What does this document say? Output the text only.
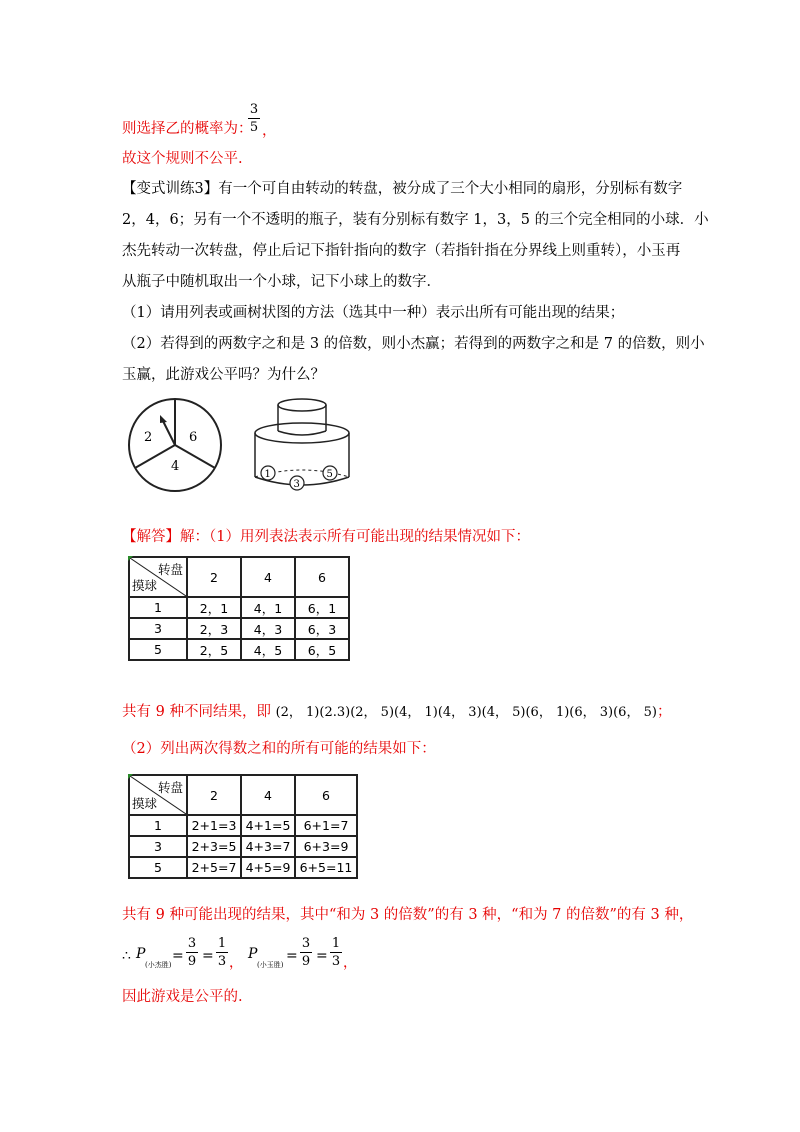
则选择乙的概率为：
3
5 ，
故这个规则不公平.
【变式训练3】有一个可自由转动的转盘，被分成了三个大小相同的扇形，分别标有数字
2，4，6；另有一个不透明的瓶子，装有分别标有数字 1，3，5 的三个完全相同的小球．小
杰先转动一次转盘，停止后记下指针指向的数字（若指针指在分界线上则重转），小玉再
从瓶子中随机取出一个小球，记下小球上的数字．
（1）请用列表或画树状图的方法（选其中一种）表示出所有可能出现的结果；
（2）若得到的两数字之和是 3 的倍数，则小杰赢；若得到的两数字之和是 7 的倍数，则小
玉赢，此游戏公平吗？为什么？
2	6
4
1
3
5
【解答】解：（1）用列表法表示所有可能出现的结果情况如下：
转盘
摸球	2	4	6
1	2，1	4，1	6，1
3	2，3	4，3	6，3
5	2，5	4，5	6，5
共有 9 种不同结果，即 (2， 1)(2.3)(2， 5)(4， 1)(4， 3)(4， 5)(6， 1)(6， 3)(6， 5)；
（2）列出两次得数之和的所有可能的结果如下：
转盘
摸球	2	4	6
1	2+1=3	4+1=5	6+1=7
3	2+3=5	4+3=7	6+3=9
5	2+5=7	4+5=9	6+5=11
共有 9 种可能出现的结果，其中“和为 3 的倍数”的有 3 种，“和为 7 的倍数”的有 3 种，
∴ P
(小杰胜)
=
3
9 =
1
3 ，
P
(小玉胜)
=
3
9 =
1
3 ，
因此游戏是公平的.
